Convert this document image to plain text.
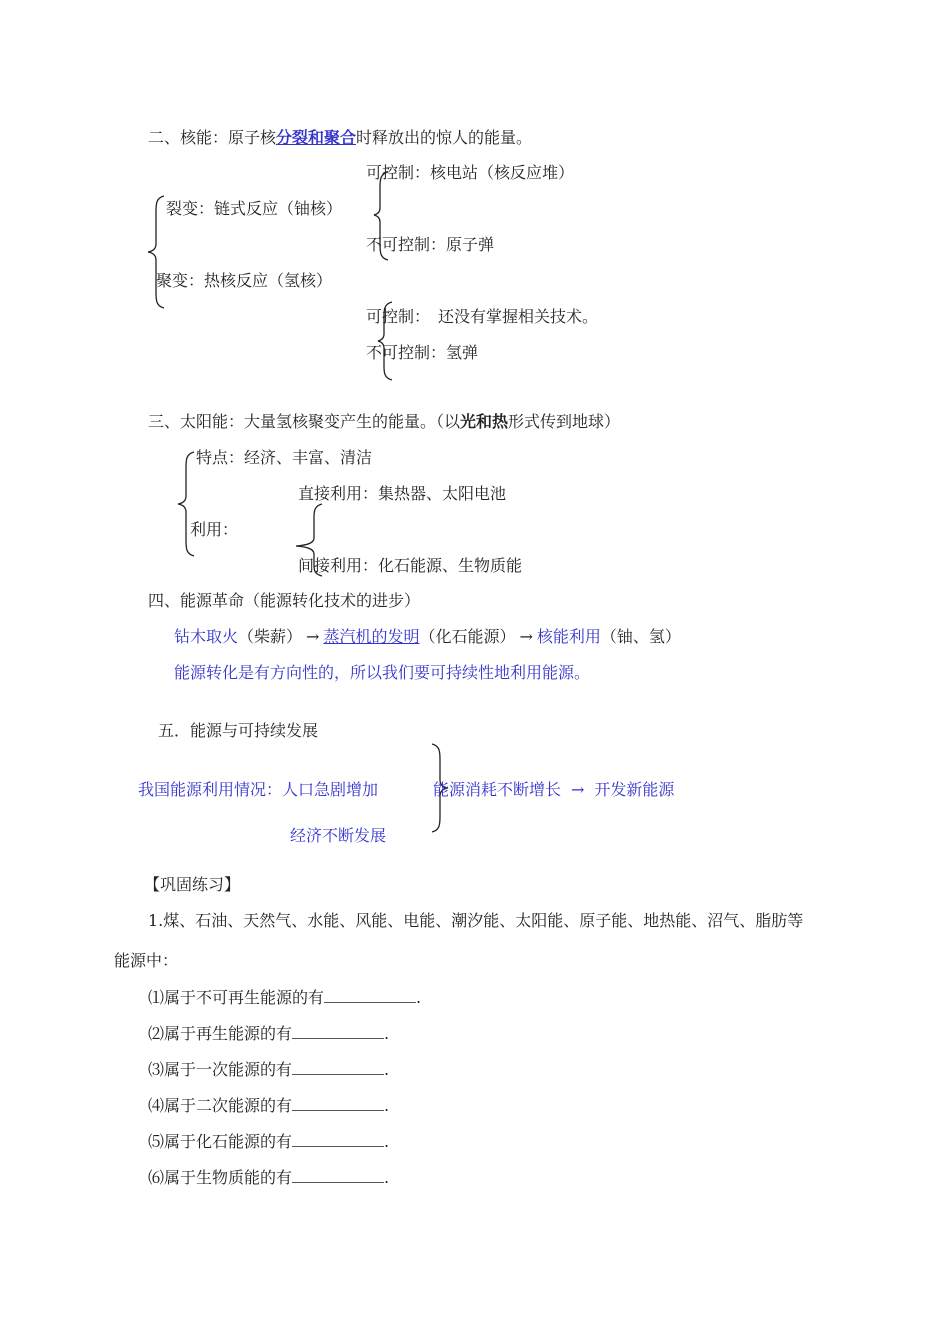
二、核能：原子核分裂和聚合时释放出的惊人的能量。
可控制：核电站（核反应堆）
裂变：链式反应（铀核）
不可控制：原子弹
聚变：热核反应（氢核）
可控制：　还没有掌握相关技术。
不可控制：氢弹
三、太阳能：大量氢核聚变产生的能量。（以光和热形式传到地球）
特点：经济、丰富、清洁
直接利用：集热器、太阳电池
利用：
间接利用：化石能源、生物质能
四、能源革命（能源转化技术的进步）
钻木取火（柴薪） → 蒸汽机的发明（化石能源） → 核能利用（铀、氢）
能源转化是有方向性的，所以我们要可持续性地利用能源。
五．能源与可持续发展
我国能源利用情况：人口急剧增加	能源消耗不断增长 → 开发新能源
经济不断发展
【巩固练习】
1.煤、石油、天然气、水能、风能、电能、潮汐能、太阳能、原子能、地热能、沼气、脂肪等
能源中：
⑴属于不可再生能源的有	.
⑵属于再生能源的有	.
⑶属于一次能源的有	.
⑷属于二次能源的有	.
⑸属于化石能源的有	.
⑹属于生物质能的有	.
